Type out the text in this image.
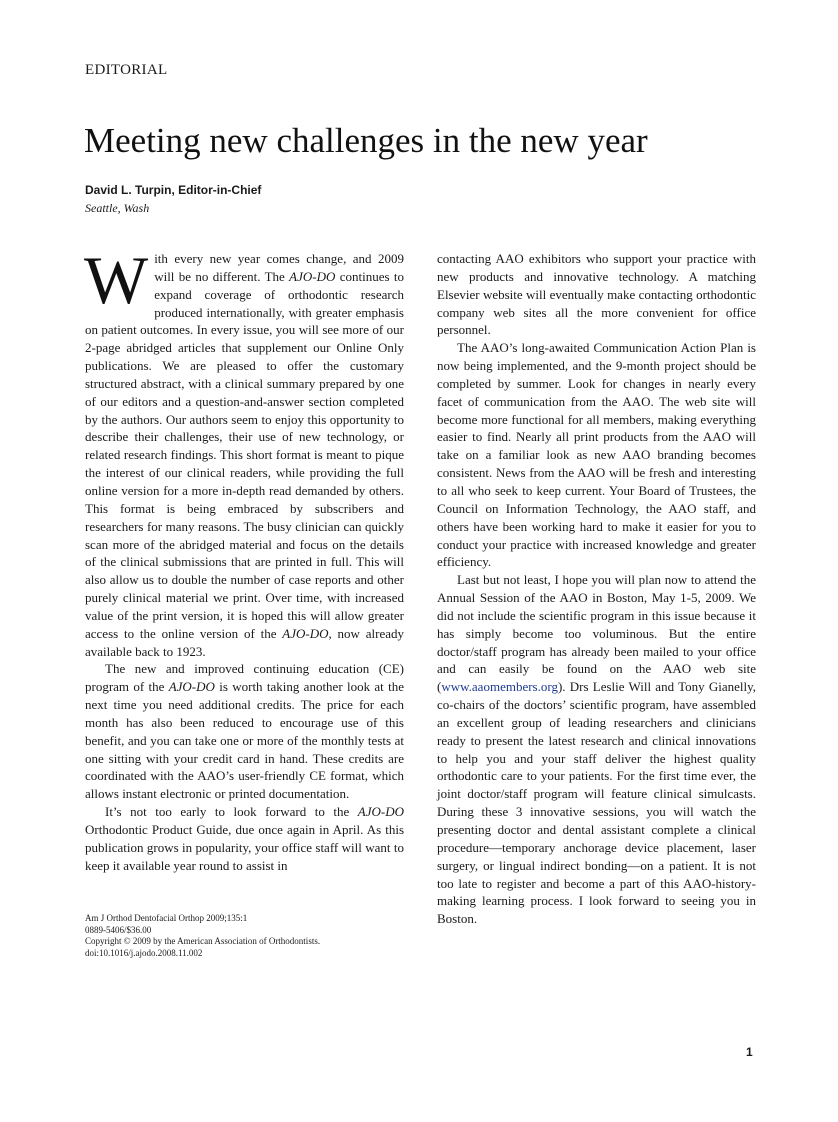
EDITORIAL
Meeting new challenges in the new year
David L. Turpin, Editor-in-Chief
Seattle, Wash

With every new year comes change, and 2009 will be no different. The AJO-DO continues to expand coverage of orthodontic research produced internationally, with greater emphasis on patient outcomes. In every issue, you will see more of our 2-page abridged articles that supplement our Online Only publications. We are pleased to offer the customary structured abstract, with a clinical summary prepared by one of our editors and a question-and-answer section completed by the authors. Our authors seem to enjoy this opportunity to describe their challenges, their use of new technology, or related research findings. This short format is meant to pique the interest of our clinical readers, while providing the full online version for a more in-depth read demanded by others. This format is being embraced by subscribers and researchers for many reasons. The busy clinician can quickly scan more of the abridged material and focus on the details of the clinical submissions that are printed in full. This will also allow us to double the number of case reports and other purely clinical material we print. Over time, with increased value of the print version, it is hoped this will allow greater access to the online version of the AJO-DO, now already available back to 1923.

The new and improved continuing education (CE) program of the AJO-DO is worth taking another look at the next time you need additional credits. The price for each month has also been reduced to encourage use of this benefit, and you can take one or more of the monthly tests at one sitting with your credit card in hand. These credits are coordinated with the AAO’s user-friendly CE format, which allows instant electronic or printed documentation.

It’s not too early to look forward to the AJO-DO Orthodontic Product Guide, due once again in April. As this publication grows in popularity, your office staff will want to keep it available year round to assist in

contacting AAO exhibitors who support your practice with new products and innovative technology. A matching Elsevier website will eventually make contacting orthodontic company web sites all the more convenient for office personnel.

The AAO’s long-awaited Communication Action Plan is now being implemented, and the 9-month project should be completed by summer. Look for changes in nearly every facet of communication from the AAO. The web site will become more functional for all members, making everything easier to find. Nearly all print products from the AAO will take on a familiar look as new AAO branding becomes consistent. News from the AAO will be fresh and interesting to all who seek to keep current. Your Board of Trustees, the Council on Information Technology, the AAO staff, and others have been working hard to make it easier for you to conduct your practice with increased knowledge and greater efficiency.

Last but not least, I hope you will plan now to attend the Annual Session of the AAO in Boston, May 1-5, 2009. We did not include the scientific program in this issue because it has simply become too voluminous. But the entire doctor/staff program has already been mailed to your office and can easily be found on the AAO web site (www.aaomembers.org). Drs Leslie Will and Tony Gianelly, co-chairs of the doctors’ scientific program, have assembled an excellent group of leading researchers and clinicians ready to present the latest research and clinical innovations to help you and your staff deliver the highest quality orthodontic care to your patients. For the first time ever, the joint doctor/staff program will feature clinical simulcasts. During these 3 innovative sessions, you will watch the presenting doctor and dental assistant complete a clinical procedure—temporary anchorage device placement, laser surgery, or lingual indirect bonding—on a patient. It is not too late to register and become a part of this AAO-history-making learning process. I look forward to seeing you in Boston.

Am J Orthod Dentofacial Orthop 2009;135:1
0889-5406/$36.00
Copyright © 2009 by the American Association of Orthodontists.
doi:10.1016/j.ajodo.2008.11.002
1
